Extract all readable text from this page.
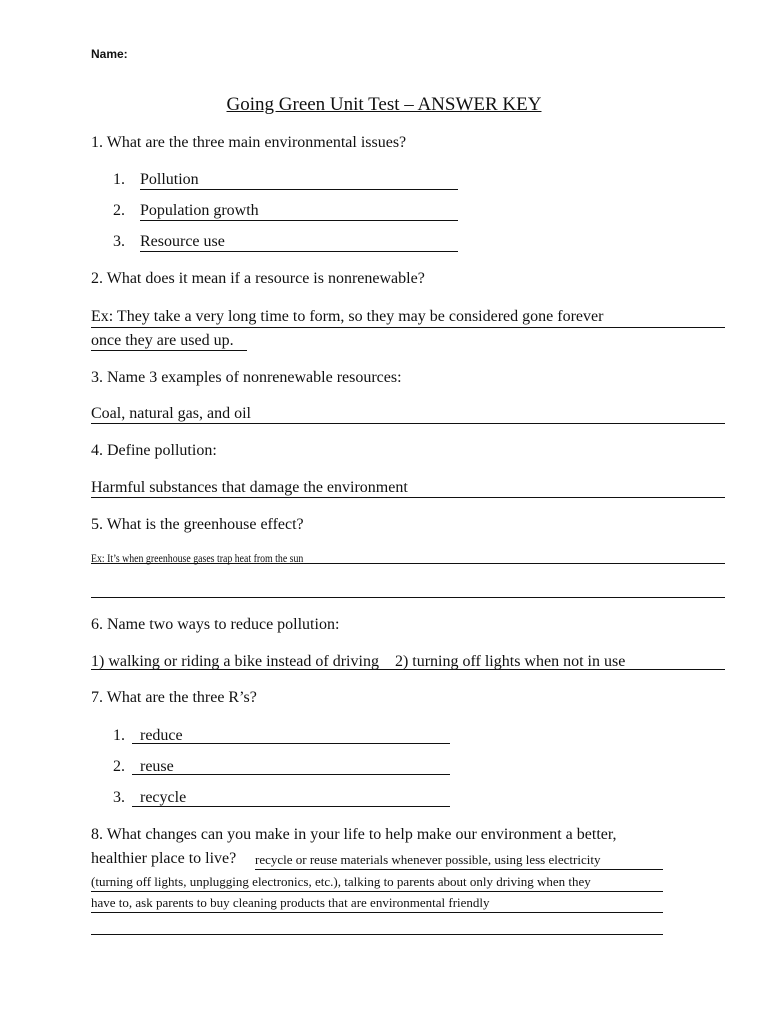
Name:
Going Green Unit Test – ANSWER KEY
1. What are the three main environmental issues?
1. Pollution
2. Population growth
3. Resource use
2. What does it mean if a resource is nonrenewable?
Ex: They take a very long time to form, so they may be considered gone forever
once they are used up.
3. Name 3 examples of nonrenewable resources:
Coal, natural gas, and oil
4. Define pollution:
Harmful substances that damage the environment
5. What is the greenhouse effect?
Ex: It’s when greenhouse gases trap heat from the sun
6. Name two ways to reduce pollution:
1) walking or riding a bike instead of driving    2) turning off lights when not in use
7. What are the three R’s?
1. reduce
2. reuse
3. recycle
8. What changes can you make in your life to help make our environment a better,
healthier place to live? recycle or reuse materials whenever possible, using less electricity
(turning off lights, unplugging electronics, etc.), talking to parents about only driving when they
have to, ask parents to buy cleaning products that are environmental friendly
